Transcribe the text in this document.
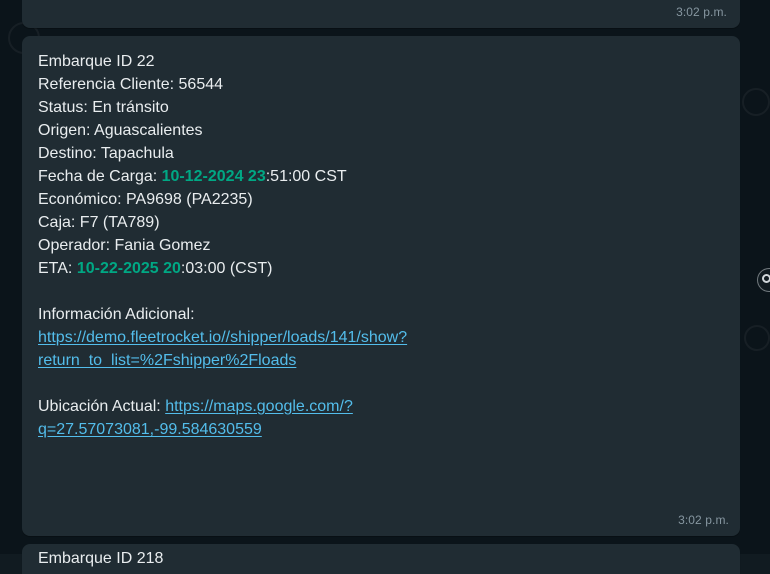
3:02 p.m.
Embarque ID 22
Referencia Cliente: 56544
Status: En tránsito
Origen: Aguascalientes
Destino: Tapachula
Fecha de Carga: 10-12-2024 23:51:00 CST
Económico: PA9698 (PA2235)
Caja: F7 (TA789)
Operador: Fania Gomez
ETA: 10-22-2025 20:03:00 (CST)
Información Adicional:
https://demo.fleetrocket.io//shipper/loads/141/show?
return_to_list=%2Fshipper%2Floads
Ubicación Actual: https://maps.google.com/?
q=27.57073081,-99.584630559
3:02 p.m.
Embarque ID 218
